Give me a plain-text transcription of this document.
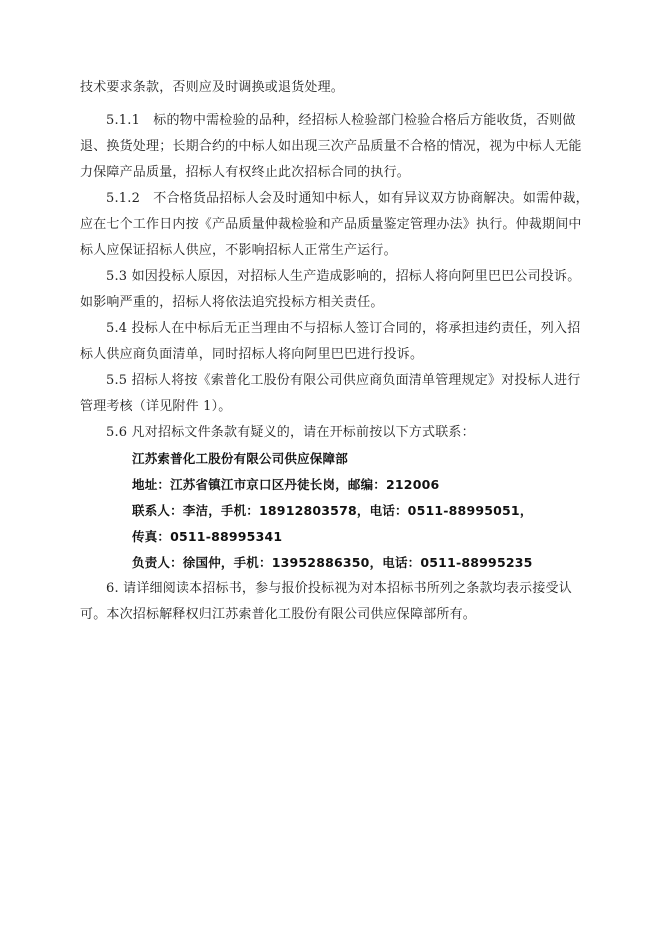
技术要求条款，否则应及时调换或退货处理。
5.1.1　标的物中需检验的品种，经招标人检验部门检验合格后方能收货，否则做
退、换货处理；长期合约的中标人如出现三次产品质量不合格的情况，视为中标人无能
力保障产品质量，招标人有权终止此次招标合同的执行。
5.1.2　不合格货品招标人会及时通知中标人，如有异议双方协商解决。如需仲裁，
应在七个工作日内按《产品质量仲裁检验和产品质量鉴定管理办法》执行。仲裁期间中
标人应保证招标人供应，不影响招标人正常生产运行。
5.3 如因投标人原因，对招标人生产造成影响的，招标人将向阿里巴巴公司投诉。
如影响严重的，招标人将依法追究投标方相关责任。
5.4 投标人在中标后无正当理由不与招标人签订合同的，将承担违约责任，列入招
标人供应商负面清单，同时招标人将向阿里巴巴进行投诉。
5.5 招标人将按《索普化工股份有限公司供应商负面清单管理规定》对投标人进行
管理考核（详见附件 1）。
5.6 凡对招标文件条款有疑义的，请在开标前按以下方式联系：
江苏索普化工股份有限公司供应保障部
地址：江苏省镇江市京口区丹徒长岗，邮编：212006
联系人：李洁，手机：18912803578，电话：0511-88995051，
传真：0511-88995341
负责人：徐国仲，手机：13952886350，电话：0511-88995235
6. 请详细阅读本招标书，参与报价投标视为对本招标书所列之条款均表示接受认
可。本次招标解释权归江苏索普化工股份有限公司供应保障部所有。
